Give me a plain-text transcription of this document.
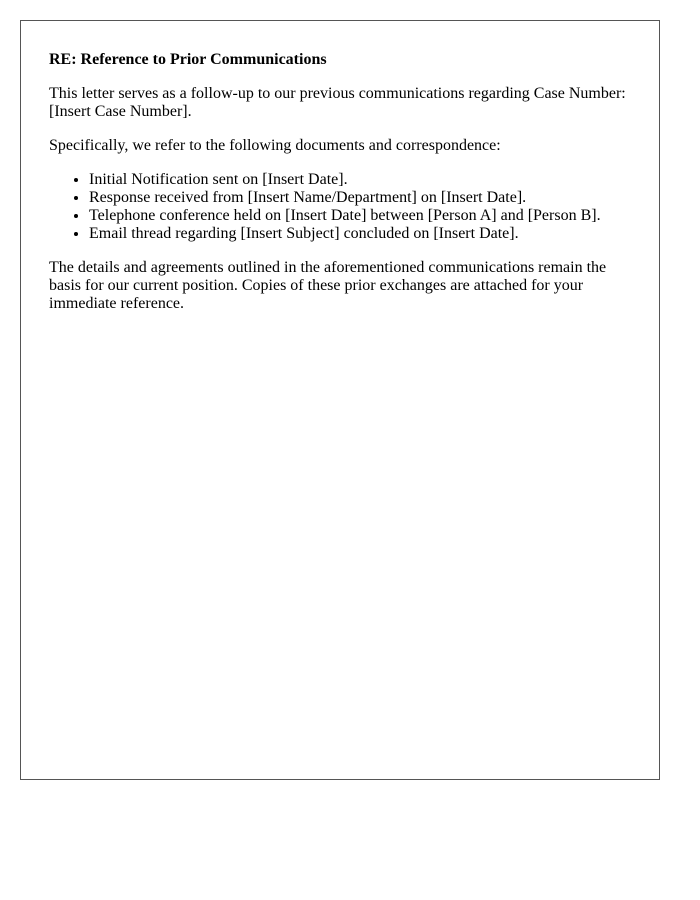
RE: Reference to Prior Communications

This letter serves as a follow-up to our previous communications regarding Case Number: [Insert Case Number].

Specifically, we refer to the following documents and correspondence:

• Initial Notification sent on [Insert Date].
• Response received from [Insert Name/Department] on [Insert Date].
• Telephone conference held on [Insert Date] between [Person A] and [Person B].
• Email thread regarding [Insert Subject] concluded on [Insert Date].

The details and agreements outlined in the aforementioned communications remain the basis for our current position. Copies of these prior exchanges are attached for your immediate reference.
